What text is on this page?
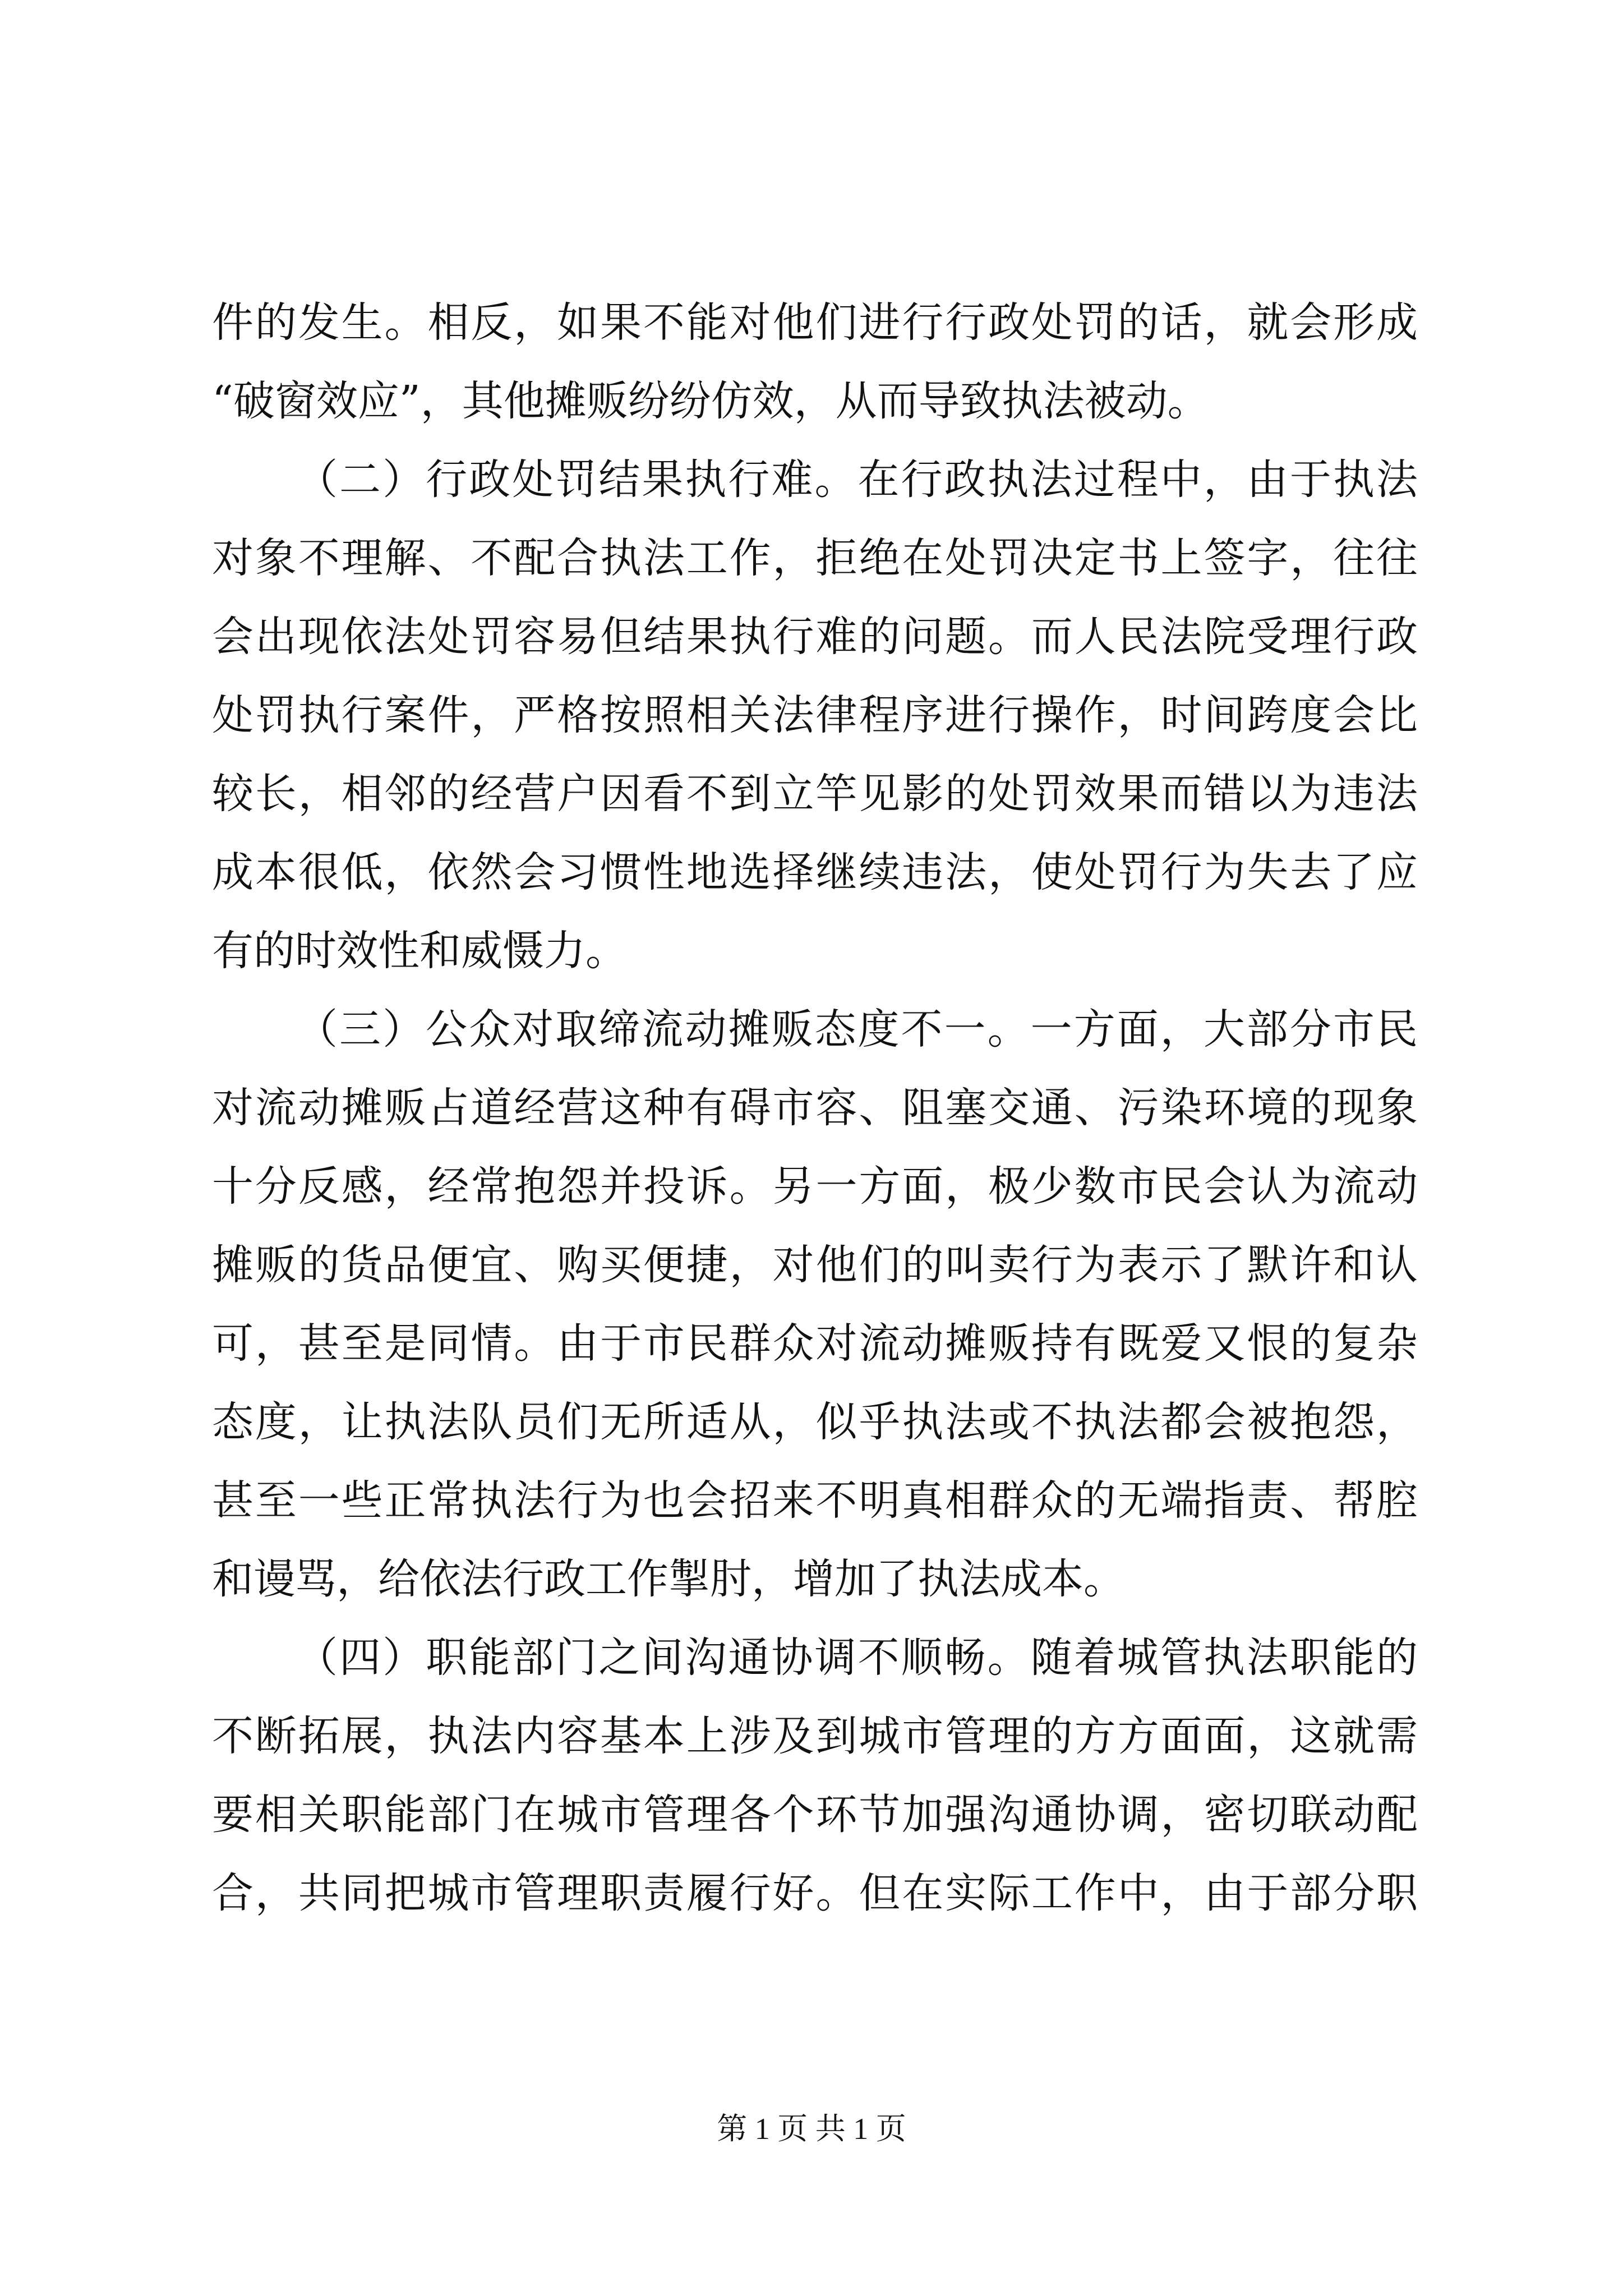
件的发生。相反，如果不能对他们进行行政处罚的话，就会形成
“破窗效应”，其他摊贩纷纷仿效，从而导致执法被动。
（二）行政处罚结果执行难。在行政执法过程中，由于执法
对象不理解、不配合执法工作，拒绝在处罚决定书上签字，往往
会出现依法处罚容易但结果执行难的问题。而人民法院受理行政
处罚执行案件，严格按照相关法律程序进行操作，时间跨度会比
较长，相邻的经营户因看不到立竿见影的处罚效果而错以为违法
成本很低，依然会习惯性地选择继续违法，使处罚行为失去了应
有的时效性和威慑力。
（三）公众对取缔流动摊贩态度不一。一方面，大部分市民
对流动摊贩占道经营这种有碍市容、阻塞交通、污染环境的现象
十分反感，经常抱怨并投诉。另一方面，极少数市民会认为流动
摊贩的货品便宜、购买便捷，对他们的叫卖行为表示了默许和认
可，甚至是同情。由于市民群众对流动摊贩持有既爱又恨的复杂
态度，让执法队员们无所适从，似乎执法或不执法都会被抱怨，
甚至一些正常执法行为也会招来不明真相群众的无端指责、帮腔
和谩骂，给依法行政工作掣肘，增加了执法成本。
（四）职能部门之间沟通协调不顺畅。随着城管执法职能的
不断拓展，执法内容基本上涉及到城市管理的方方面面，这就需
要相关职能部门在城市管理各个环节加强沟通协调，密切联动配
合，共同把城市管理职责履行好。但在实际工作中，由于部分职
第 1 页 共 1 页
